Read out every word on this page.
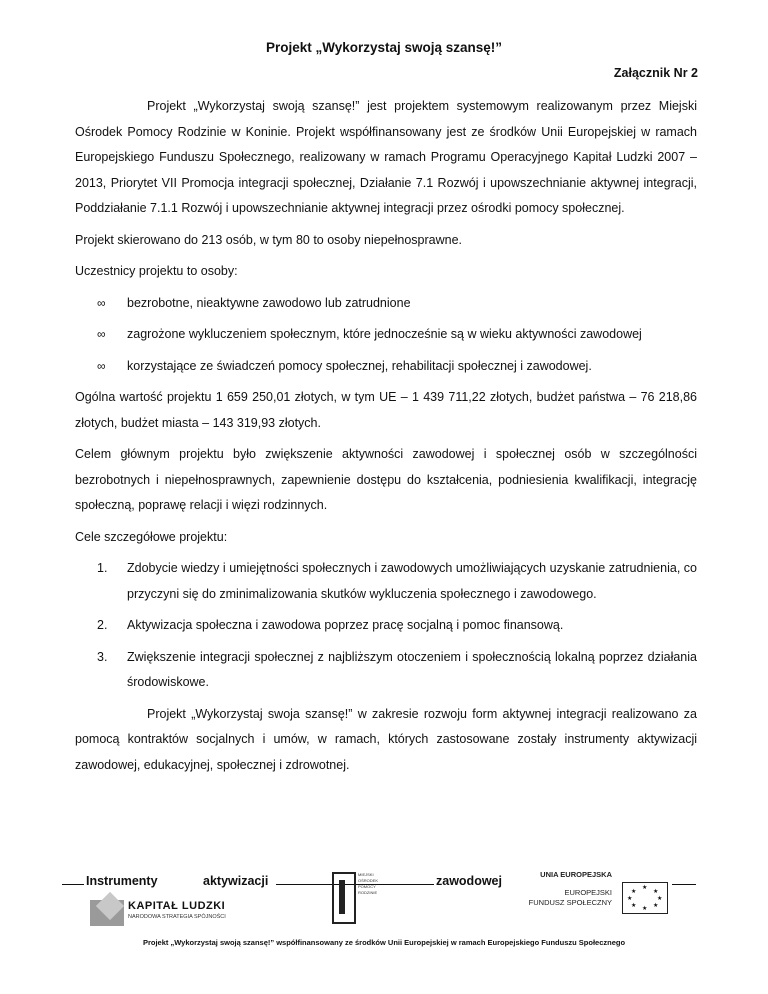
Projekt „Wykorzystaj swoją szansę!”
Załącznik Nr 2

Projekt „Wykorzystaj swoją szansę!” jest projektem systemowym realizowanym przez Miejski Ośrodek Pomocy Rodzinie w Koninie. Projekt współfinansowany jest ze środków Unii Europejskiej w ramach Europejskiego Funduszu Społecznego, realizowany w ramach Programu Operacyjnego Kapitał Ludzki 2007 – 2013, Priorytet VII Promocja integracji społecznej, Działanie 7.1 Rozwój i upowszechnianie aktywnej integracji, Poddziałanie 7.1.1 Rozwój i upowszechnianie aktywnej integracji przez ośrodki pomocy społecznej.

Projekt skierowano do 213 osób, w tym 80 to osoby niepełnosprawne.

Uczestnicy projektu to osoby:

∞ bezrobotne, nieaktywne zawodowo lub zatrudnione
∞ zagrożone wykluczeniem społecznym, które jednocześnie są w wieku aktywności zawodowej
∞ korzystające ze świadczeń pomocy społecznej, rehabilitacji społecznej i zawodowej.

Ogólna wartość projektu 1 659 250,01 złotych, w tym UE – 1 439 711,22 złotych, budżet państwa – 76 218,86 złotych, budżet miasta – 143 319,93 złotych.

Celem głównym projektu było zwiększenie aktywności zawodowej i społecznej osób w szczególności bezrobotnych i niepełnosprawnych, zapewnienie dostępu do kształcenia, podniesienia kwalifikacji, integrację społeczną, poprawę relacji i więzi rodzinnych.

Cele szczegółowe projektu:

1. Zdobycie wiedzy i umiejętności społecznych i zawodowych umożliwiających uzyskanie zatrudnienia, co przyczyni się do zminimalizowania skutków wykluczenia społecznego i zawodowego.
2. Aktywizacja społeczna i zawodowa poprzez pracę socjalną i pomoc finansową.
3. Zwiększenie integracji społecznej z najbliższym otoczeniem i społecznością lokalną poprzez działania środowiskowe.

Projekt „Wykorzystaj swoja szansę!” w zakresie rozwoju form aktywnej integracji realizowano za pomocą kontraktów socjalnych i umów, w ramach, których zastosowane zostały instrumenty aktywizacji zawodowej, edukacyjnej, społecznej i zdrowotnej.

Instrumenty	aktywizacji	zawodowej
KAPITAŁ LUDZKI
NARODOWA STRATEGIA SPÓJNOŚCI
MIEJSKI
OŚRODEK
POMOCY
RODZINIE
UNIA EUROPEJSKA
EUROPEJSKI
FUNDUSZ SPOŁECZNY
★
★	★
★	★
★	★
★
Projekt „Wykorzystaj swoją szansę!” współfinansowany ze środków Unii Europejskiej w ramach Europejskiego Funduszu Społecznego
